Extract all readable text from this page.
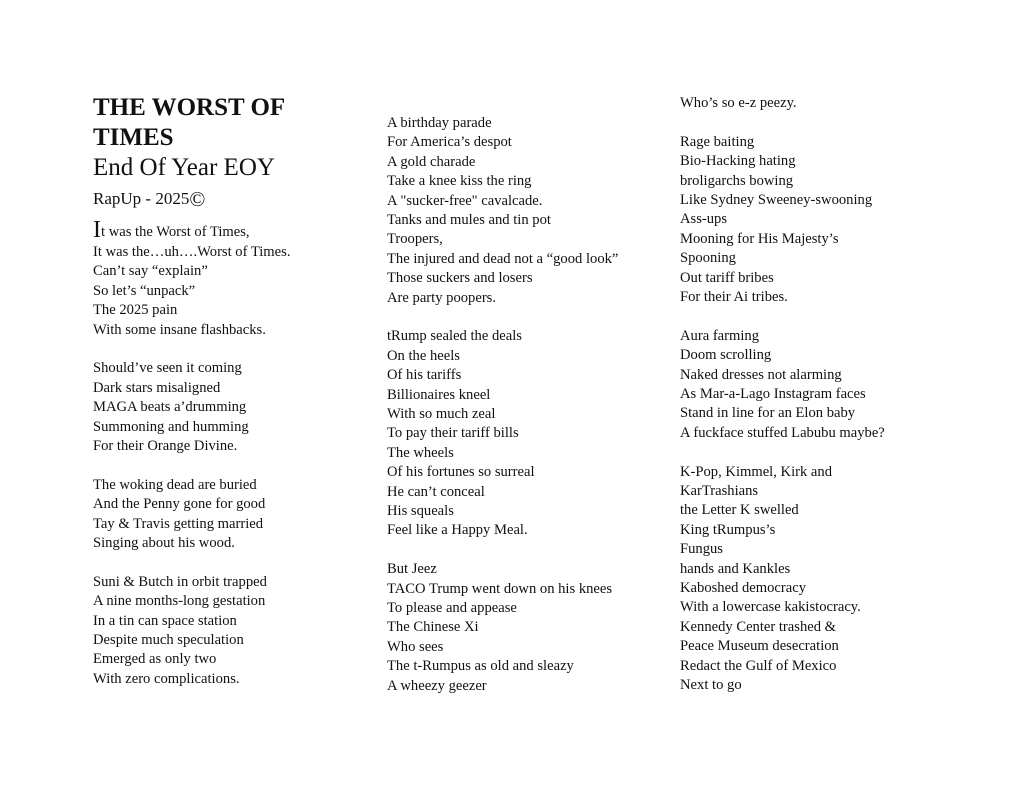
THE WORST OF
TIMES
End Of Year EOY
RapUp - 2025©
It was the Worst of Times,
It was the…uh….Worst of Times.
Can’t say “explain”
So let’s “unpack”
The 2025 pain
With some insane flashbacks.
Should’ve seen it coming
Dark stars misaligned
MAGA beats a’drumming
Summoning and humming
For their Orange Divine.
The woking dead are buried
And the Penny gone for good
Tay & Travis getting married
Singing about his wood.
Suni & Butch in orbit trapped
A nine months-long gestation
In a tin can space station
Despite much speculation
Emerged as only two
With zero complications.
A birthday parade
For America’s despot
A gold charade
Take a knee kiss the ring
A "sucker-free" cavalcade.
Tanks and mules and tin pot
Troopers,
The injured and dead not a “good look”
Those suckers and losers
Are party poopers.
tRump sealed the deals
On the heels
Of his tariffs
Billionaires kneel
With so much zeal
To pay their tariff bills
The wheels
Of his fortunes so surreal
He can’t conceal
His squeals
Feel like a Happy Meal.
But Jeez
TACO Trump went down on his knees
To please and appease
The Chinese Xi
Who sees
The t-Rumpus as old and sleazy
A wheezy geezer
Who’s so e-z peezy.
Rage baiting
Bio-Hacking hating
broligarchs bowing
Like Sydney Sweeney-swooning
Ass-ups
Mooning for His Majesty’s
Spooning
Out tariff bribes
For their Ai tribes.
Aura farming
Doom scrolling
Naked dresses not alarming
As Mar-a-Lago Instagram faces
Stand in line for an Elon baby
A fuckface stuffed Labubu maybe?
K-Pop, Kimmel, Kirk and
KarTrashians
the Letter K swelled
King tRumpus’s
Fungus
hands and Kankles
Kaboshed democracy
With a lowercase kakistocracy.
Kennedy Center trashed &
Peace Museum desecration
Redact the Gulf of Mexico
Next to go
